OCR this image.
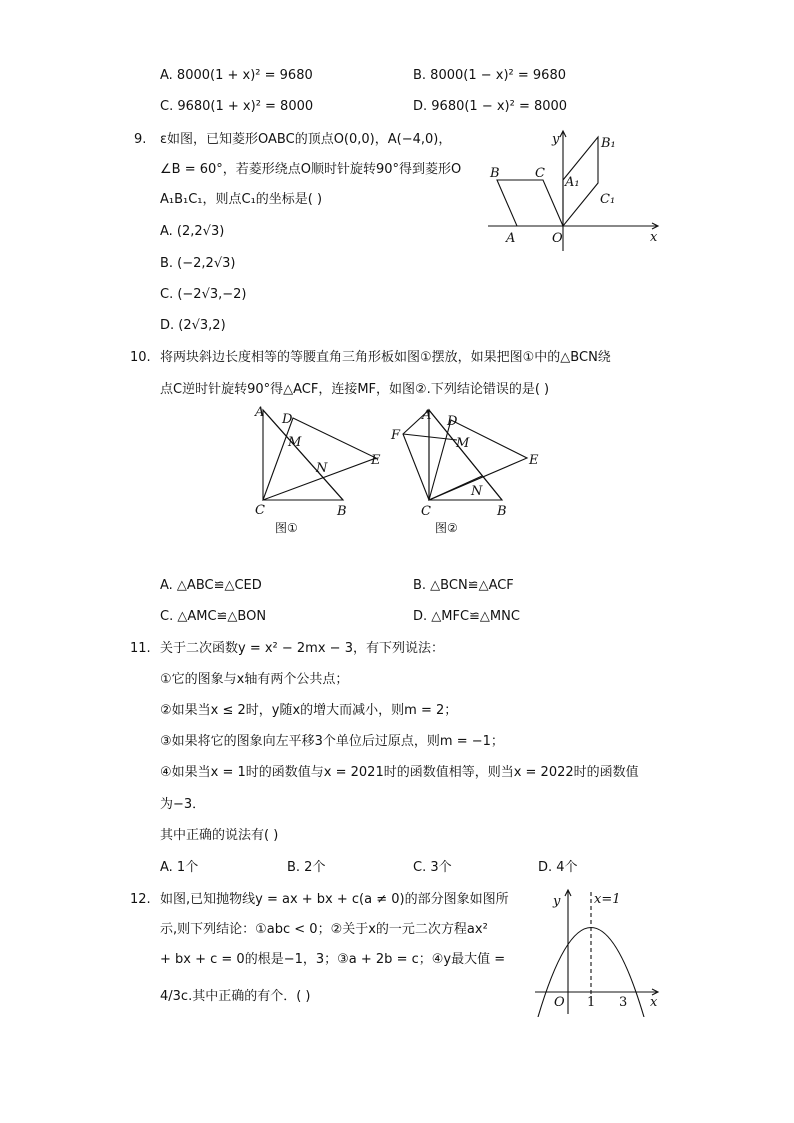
A. 8000(1 + x)² = 9680	B. 8000(1 − x)² = 9680
C. 9680(1 + x)² = 8000	D. 9680(1 − x)² = 8000
9. ε如图，已知菱形OABC的顶点O(0,0)，A(−4,0)，
∠B = 60°，若菱形绕点O顺时针旋转90°得到菱形O
A₁B₁C₁，则点C₁的坐标是( )
A. (2,2√3)
B. (−2,2√3)
C. (−2√3,−2)
D. (2√3,2)
O
A
B	C
A₁
B₁
C₁
y
x
10. 将两块斜边长度相等的等腰直角三角形板如图①摆放，如果把图①中的△BCN绕
点C逆时针旋转90°得△ACF，连接MF，如图②.下列结论错误的是( )
A D
M
N
E
C	B
图①
F
A D
M
N
E
C	B
图②
A. △ABC≌△CED	B. △BCN≌△ACF
C. △AMC≌△BON	D. △MFC≌△MNC
11. 关于二次函数y = x² − 2mx − 3，有下列说法：
①它的图象与x轴有两个公共点；
②如果当x ≤ 2时，y随x的增大而减小，则m = 2；
③如果将它的图象向左平移3个单位后过原点，则m = −1；
④如果当x = 1时的函数值与x = 2021时的函数值相等，则当x = 2022时的函数值
为−3．
其中正确的说法有( )
A. 1个	B. 2个	C. 3个	D. 4个
12. 如图,已知抛物线y = ax + bx + c(a ≠ 0)的部分图象如图所
示,则下列结论：①abc < 0；②关于x的一元二次方程ax²
+ bx + c = 0的根是−1，3；③a + 2b = c；④y最大值 =
4/3c.其中正确的有个．( )
y	x=1
O 1 3 x
